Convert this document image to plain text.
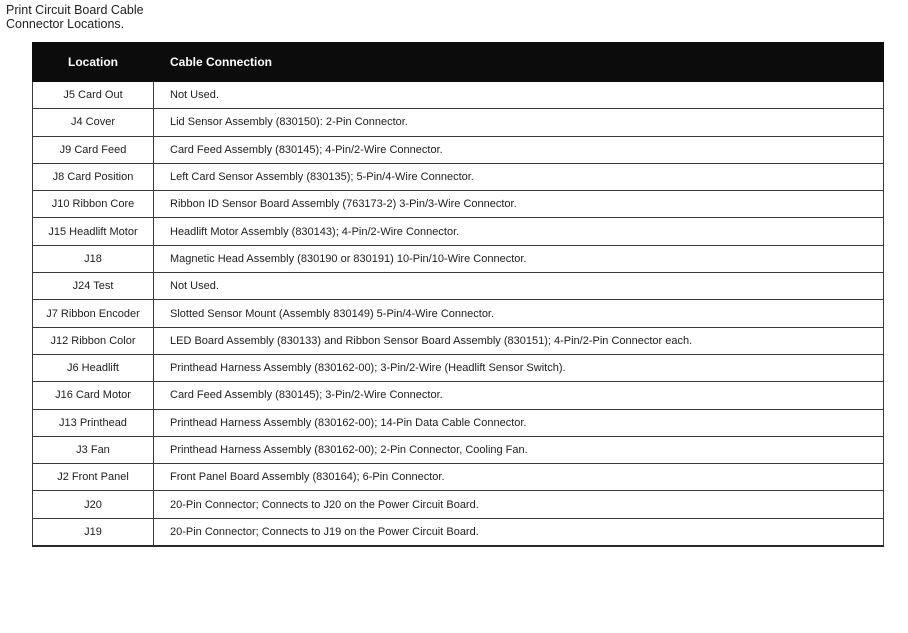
Print Circuit Board Cable
Connector Locations.
Location	Cable Connection
J5 Card Out	Not Used.
J4 Cover	Lid Sensor Assembly (830150): 2-Pin Connector.
J9 Card Feed	Card Feed Assembly (830145); 4-Pin/2-Wire Connector.
J8 Card Position	Left Card Sensor Assembly (830135); 5-Pin/4-Wire Connector.
J10 Ribbon Core	Ribbon ID Sensor Board Assembly (763173-2) 3-Pin/3-Wire Connector.
J15 Headlift Motor	Headlift Motor Assembly (830143); 4-Pin/2-Wire Connector.
J18	Magnetic Head Assembly (830190 or 830191) 10-Pin/10-Wire Connector.
J24 Test	Not Used.
J7 Ribbon Encoder	Slotted Sensor Mount (Assembly 830149) 5-Pin/4-Wire Connector.
J12 Ribbon Color	LED Board Assembly (830133) and Ribbon Sensor Board Assembly (830151); 4-Pin/2-Pin Connector each.
J6 Headlift	Printhead Harness Assembly (830162-00); 3-Pin/2-Wire (Headlift Sensor Switch).
J16 Card Motor	Card Feed Assembly (830145); 3-Pin/2-Wire Connector.
J13 Printhead	Printhead Harness Assembly (830162-00); 14-Pin Data Cable Connector.
J3 Fan	Printhead Harness Assembly (830162-00); 2-Pin Connector, Cooling Fan.
J2 Front Panel	Front Panel Board Assembly (830164); 6-Pin Connector.
J20	20-Pin Connector; Connects to J20 on the Power Circuit Board.
J19	20-Pin Connector; Connects to J19 on the Power Circuit Board.
